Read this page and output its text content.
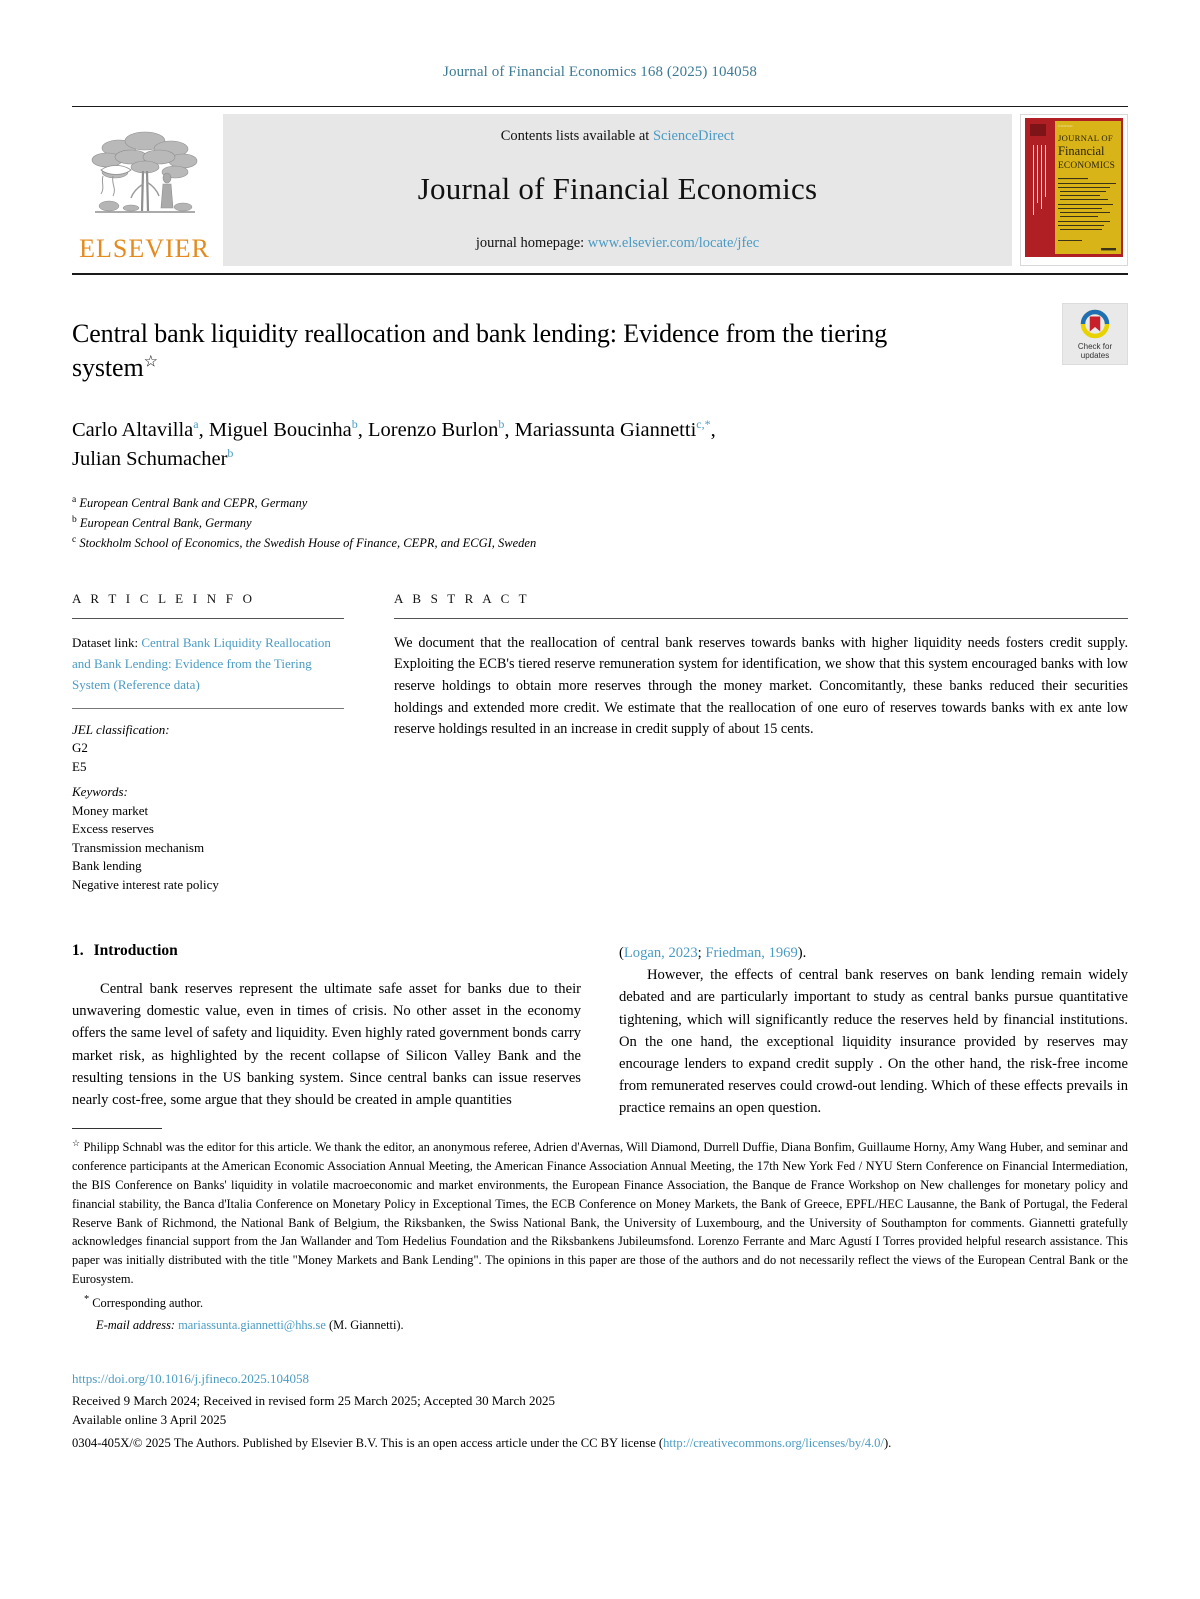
Journal of Financial Economics 168 (2025) 104058
ELSEVIER
Contents lists available at ScienceDirect
Journal of Financial Economics
journal homepage: www.elsevier.com/locate/jfec
JOURNAL
JOURNAL OF
Financial
ECONOMICS
Check for
updates
Central bank liquidity reallocation and bank lending: Evidence from the tiering system☆
Carlo Altavilla$^a$, Miguel Boucinha$^b$, Lorenzo Burlon$^b$, Mariassunta Giannetti$^{c,*}$,
Julian Schumacher$^b$
$^a$ European Central Bank and CEPR, Germany
$^b$ European Central Bank, Germany
$^c$ Stockholm School of Economics, the Swedish House of Finance, CEPR, and ECGI, Sweden
A R T I C L E I N F O
Dataset link: Central Bank Liquidity Reallocation and Bank Lending: Evidence from the Tiering System (Reference data)
JEL classification:
G2
E5
Keywords:
Money market
Excess reserves
Transmission mechanism
Bank lending
Negative interest rate policy
A B S T R A C T

We document that the reallocation of central bank reserves towards banks with higher liquidity needs fosters credit supply. Exploiting the ECB's tiered reserve remuneration system for identification, we show that this system encouraged banks with low reserve holdings to obtain more reserves through the money market. Concomitantly, these banks reduced their securities holdings and extended more credit. We estimate that the reallocation of one euro of reserves towards banks with ex ante low reserve holdings resulted in an increase in credit supply of about 15 cents.

1. Introduction

Central bank reserves represent the ultimate safe asset for banks due to their unwavering domestic value, even in times of crisis. No other asset in the economy offers the same level of safety and liquidity. Even highly rated government bonds carry market risk, as highlighted by the recent collapse of Silicon Valley Bank and the resulting tensions in the US banking system. Since central banks can issue reserves nearly cost-free, some argue that they should be created in ample quantities

(Logan, 2023; Friedman, 1969).

However, the effects of central bank reserves on bank lending remain widely debated and are particularly important to study as central banks pursue quantitative tightening, which will significantly reduce the reserves held by financial institutions. On the one hand, the exceptional liquidity insurance provided by reserves may encourage lenders to expand credit supply . On the other hand, the risk-free income from remunerated reserves could crowd-out lending. Which of these effects prevails in practice remains an open question.

☆ Philipp Schnabl was the editor for this article. We thank the editor, an anonymous referee, Adrien d'Avernas, Will Diamond, Durrell Duffie, Diana Bonfim, Guillaume Horny, Amy Wang Huber, and seminar and conference participants at the American Economic Association Annual Meeting, the American Finance Association Annual Meeting, the 17th New York Fed / NYU Stern Conference on Financial Intermediation, the BIS Conference on Banks' liquidity in volatile macroeconomic and market environments, the European Finance Association, the Banque de France Workshop on New challenges for monetary policy and financial stability, the Banca d'Italia Conference on Monetary Policy in Exceptional Times, the ECB Conference on Money Markets, the Bank of Greece, EPFL/HEC Lausanne, the Bank of Portugal, the Federal Reserve Bank of Richmond, the National Bank of Belgium, the Riksbanken, the Swiss National Bank, the University of Luxembourg, and the University of Southampton for comments. Giannetti gratefully acknowledges financial support from the Jan Wallander and Tom Hedelius Foundation and the Riksbankens Jubileumsfond. Lorenzo Ferrante and Marc Agustí I Torres provided helpful research assistance. This paper was initially distributed with the title "Money Markets and Bank Lending". The opinions in this paper are those of the authors and do not necessarily reflect the views of the European Central Bank or the Eurosystem.

* Corresponding author.
E-mail address: mariassunta.giannetti@hhs.se (M. Giannetti).
https://doi.org/10.1016/j.jfineco.2025.104058
Received 9 March 2024; Received in revised form 25 March 2025; Accepted 30 March 2025
Available online 3 April 2025
0304-405X/© 2025 The Authors. Published by Elsevier B.V. This is an open access article under the CC BY license (http://creativecommons.org/licenses/by/4.0/).
